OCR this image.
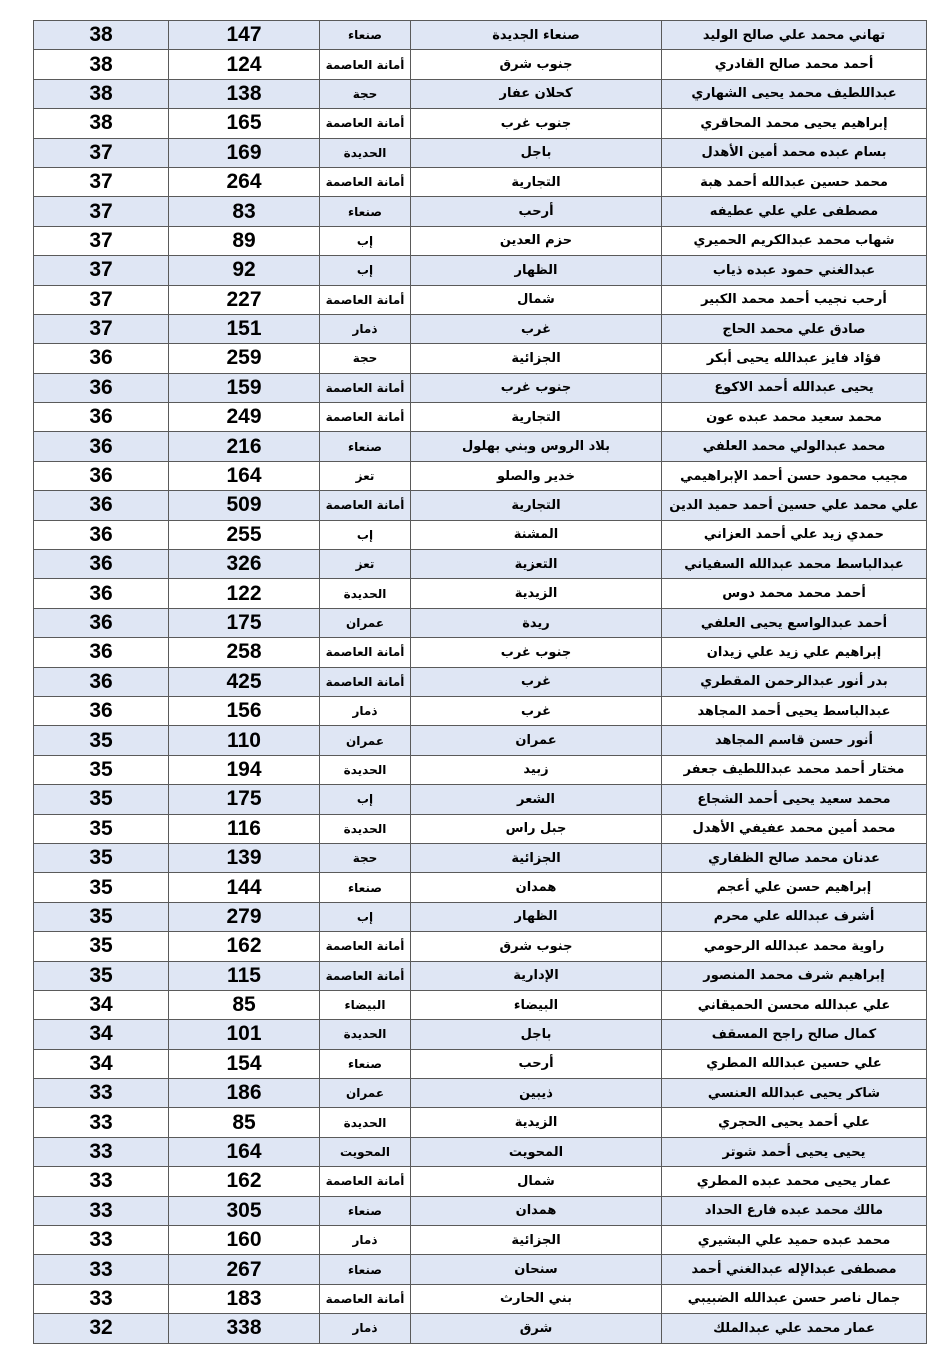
تهاني محمد علي صالح الوليد	صنعاء الجديدة	صنعاء	147	38
أحمد محمد صالح القادري	جنوب شرق	أمانة العاصمة	124	38
عبداللطيف محمد يحيى الشهاري	كحلان عفار	حجة	138	38
إبراهيم يحيى محمد المحاقري	جنوب غرب	أمانة العاصمة	165	38
بسام عبده محمد أمين الأهدل	باجل	الحديدة	169	37
محمد حسين عبدالله أحمد هبة	التجارية	أمانة العاصمة	264	37
مصطفى علي علي عطيفه	أرحب	صنعاء	83	37
شهاب محمد عبدالكريم الحميري	حزم العدين	إب	89	37
عبدالغني حمود عبده ذياب	الظهار	إب	92	37
أرحب نجيب أحمد محمد الكبير	شمال	أمانة العاصمة	227	37
صادق علي محمد الحاج	غرب	ذمار	151	37
فؤاد فايز عبدالله يحيى أبكر	الجزائية	حجة	259	36
يحيى عبدالله أحمد الاكوع	جنوب غرب	أمانة العاصمة	159	36
محمد سعيد محمد عبده عون	التجارية	أمانة العاصمة	249	36
محمد عبدالولي محمد العلفي	بلاد الروس وبني بهلول	صنعاء	216	36
مجيب محمود حسن أحمد الإبراهيمي	خدير والصلو	تعز	164	36
علي محمد علي حسين أحمد حميد الدين	التجارية	أمانة العاصمة	509	36
حمدي زيد علي أحمد العزاني	المشنة	إب	255	36
عبدالباسط محمد عبدالله السفياني	التعزية	تعز	326	36
أحمد محمد محمد دوس	الزيدية	الحديدة	122	36
أحمد عبدالواسع يحيى العلفي	ريدة	عمران	175	36
إبراهيم علي زيد علي زيدان	جنوب غرب	أمانة العاصمة	258	36
بدر أنور عبدالرحمن المقطري	غرب	أمانة العاصمة	425	36
عبدالباسط يحيى أحمد المجاهد	غرب	ذمار	156	36
أنور حسن قاسم المجاهد	عمران	عمران	110	35
مختار أحمد محمد عبداللطيف جعفر	زبيد	الحديدة	194	35
محمد سعيد يحيى أحمد الشجاع	الشعر	إب	175	35
محمد أمين محمد عفيفي الأهدل	جبل راس	الحديدة	116	35
عدنان محمد صالح الظفاري	الجزائية	حجة	139	35
إبراهيم حسن علي أعجم	همدان	صنعاء	144	35
أشرف عبدالله علي محرم	الظهار	إب	279	35
راوية محمد عبدالله الرحومي	جنوب شرق	أمانة العاصمة	162	35
إبراهيم شرف محمد المنصور	الإدارية	أمانة العاصمة	115	35
علي عبدالله محسن الحميقاني	البيضاء	البيضاء	85	34
كمال صالح راجح المسقف	باجل	الحديدة	101	34
علي حسين عبدالله المطري	أرحب	صنعاء	154	34
شاكر يحيى عبدالله العنسي	ذيبين	عمران	186	33
علي أحمد يحيى الحجري	الزيدية	الحديدة	85	33
يحيى يحيى أحمد شوتر	المحويت	المحويت	164	33
عمار يحيى محمد عبده المطري	شمال	أمانة العاصمة	162	33
مالك محمد عبده فارع الحداد	همدان	صنعاء	305	33
محمد عبده حميد علي البشيري	الجزائية	ذمار	160	33
مصطفى عبدالإله عبدالغني أحمد	سنحان	صنعاء	267	33
جمال ناصر حسن عبدالله الضبيبي	بني الحارث	أمانة العاصمة	183	33
عمار محمد علي عبدالملك	شرق	ذمار	338	32
